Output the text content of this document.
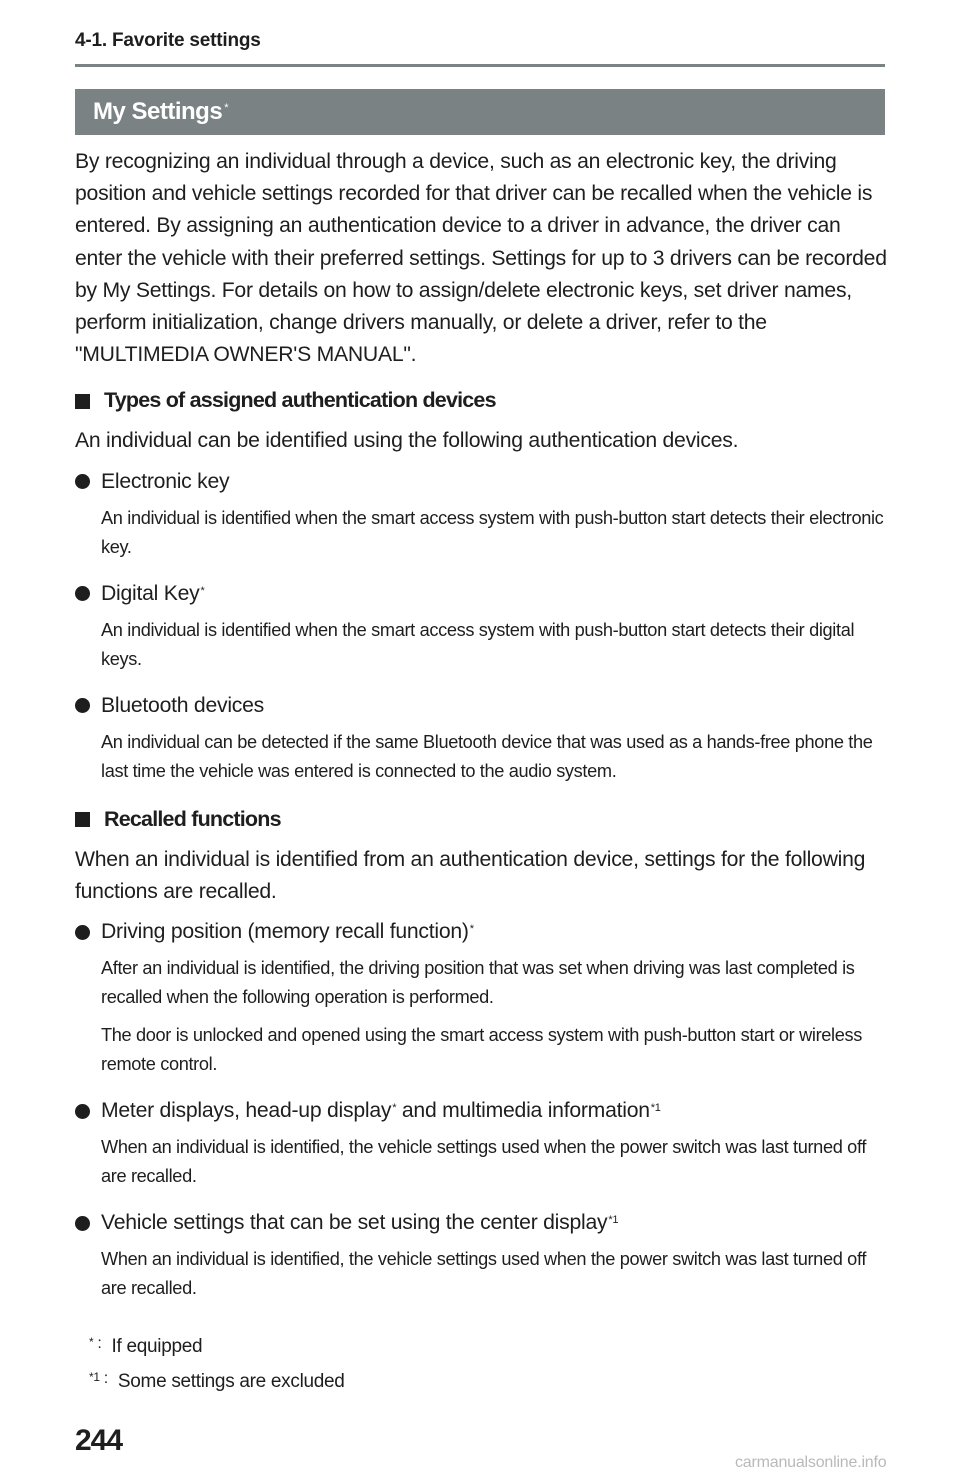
4-1. Favorite settings
My Settings*

By recognizing an individual through a device, such as an electronic key, the driving position and vehicle settings recorded for that driver can be recalled when the vehicle is entered. By assigning an authentication device to a driver in advance, the driver can enter the vehicle with their preferred settings. Settings for up to 3 drivers can be recorded by My Settings. For details on how to assign/delete electronic keys, set driver names, perform initialization, change drivers manually, or delete a driver, refer to the "MULTIMEDIA OWNER'S MANUAL".

Types of assigned authentication devices

An individual can be identified using the following authentication devices.

Electronic key

An individual is identified when the smart access system with push-button start detects their electronic key.

Digital Key*

An individual is identified when the smart access system with push-button start detects their digital keys.

Bluetooth devices

An individual can be detected if the same Bluetooth device that was used as a hands-free phone the last time the vehicle was entered is connected to the audio system.

Recalled functions

When an individual is identified from an authentication device, settings for the following functions are recalled.

Driving position (memory recall function)*

After an individual is identified, the driving position that was set when driving was last completed is recalled when the following operation is performed.

The door is unlocked and opened using the smart access system with push-button start or wireless remote control.

Meter displays, head-up display* and multimedia information$^{*1}$

When an individual is identified, the vehicle settings used when the power switch was last turned off are recalled.

Vehicle settings that can be set using the center display$^{*1}$

When an individual is identified, the vehicle settings used when the power switch was last turned off are recalled.

* : If equipped
*1 : Some settings are excluded
244
carmanualsonline.info
